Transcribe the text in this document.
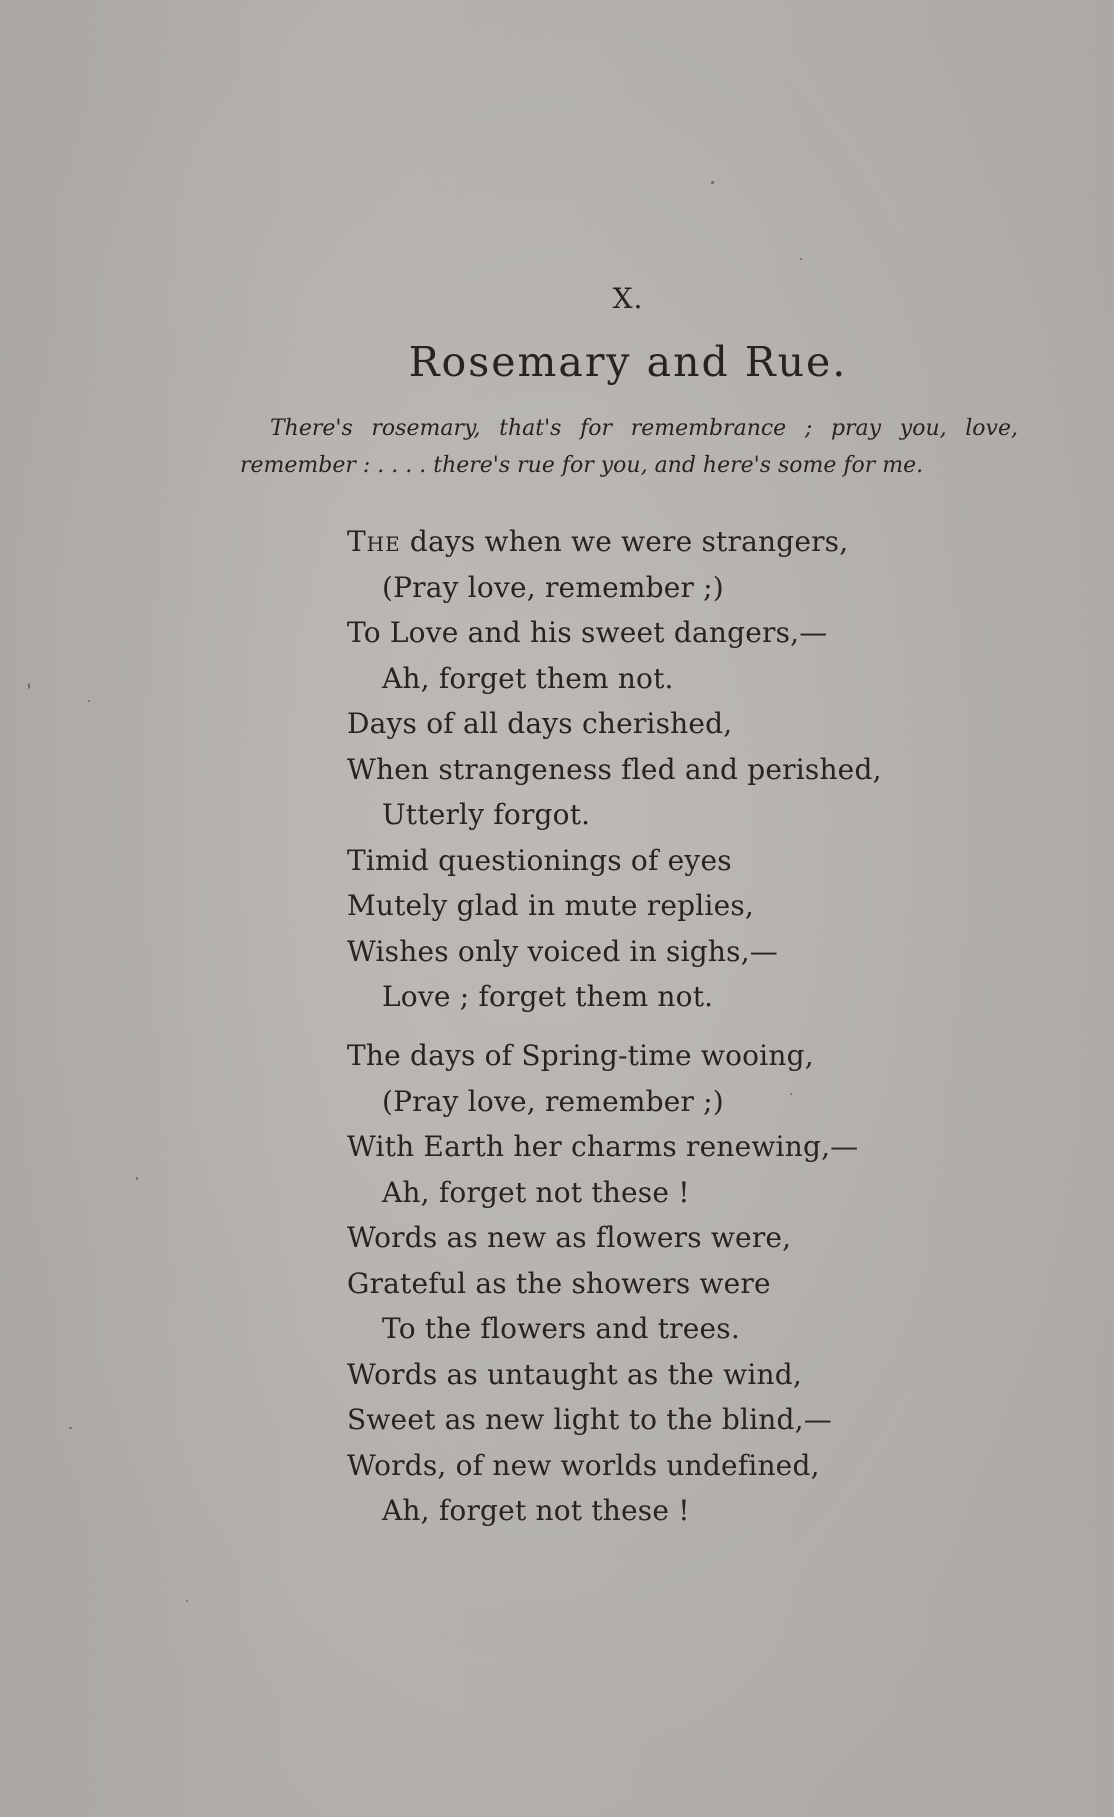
X.
Rosemary and Rue.

There's rosemary, that's for remembrance ; pray you, love, remember : . . . . there's rue for you, and here's some for me.

The days when we were strangers,
(Pray love, remember ;)
To Love and his sweet dangers,—
Ah, forget them not.
Days of all days cherished,
When strangeness fled and perished,
Utterly forgot.
Timid questionings of eyes
Mutely glad in mute replies,
Wishes only voiced in sighs,—
Love ; forget them not.
The days of Spring-time wooing,
(Pray love, remember ;)
With Earth her charms renewing,—
Ah, forget not these !
Words as new as flowers were,
Grateful as the showers were
To the flowers and trees.
Words as untaught as the wind,
Sweet as new light to the blind,—
Words, of new worlds undefined,
Ah, forget not these !
